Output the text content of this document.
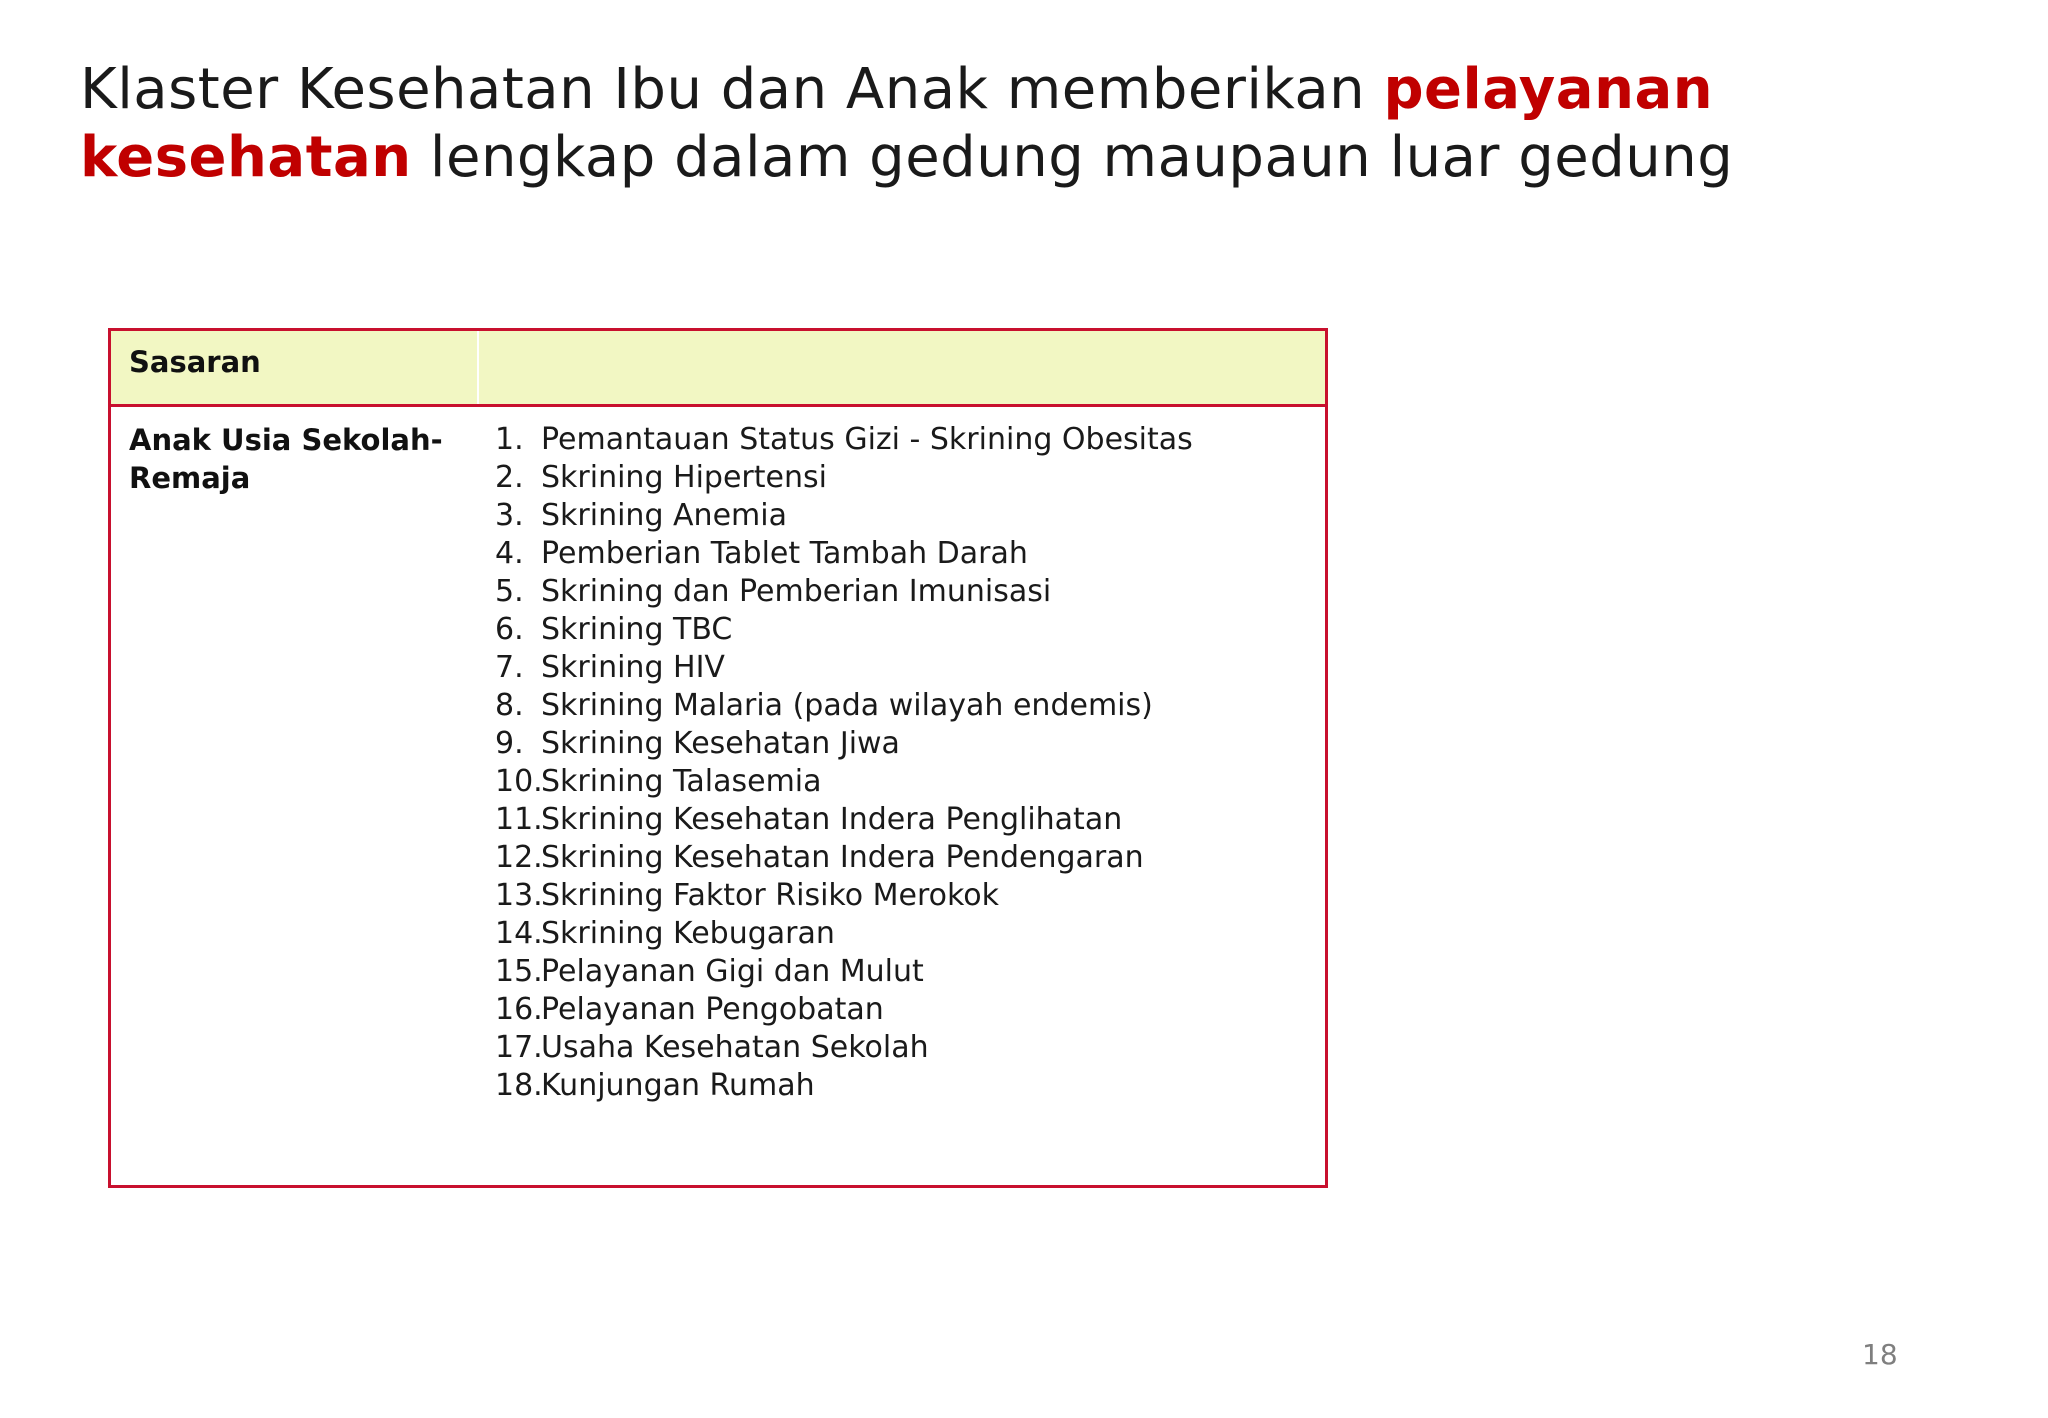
Klaster Kesehatan Ibu dan Anak memberikan pelayanan kesehatan lengkap dalam gedung maupaun luar gedung
Sasaran
Anak Usia Sekolah-Remaja
1. Pemantauan Status Gizi - Skrining Obesitas
2. Skrining Hipertensi
3. Skrining Anemia
4. Pemberian Tablet Tambah Darah
5. Skrining dan Pemberian Imunisasi
6. Skrining TBC
7. Skrining HIV
8. Skrining Malaria (pada wilayah endemis)
9. Skrining Kesehatan Jiwa
10.
Skrining Talasemia
11.
Skrining Kesehatan Indera Penglihatan
12.
Skrining Kesehatan Indera Pendengaran
13.
Skrining Faktor Risiko Merokok
14.
Skrining Kebugaran
15.
Pelayanan Gigi dan Mulut
16.
Pelayanan Pengobatan
17.
Usaha Kesehatan Sekolah
18.
Kunjungan Rumah
18
